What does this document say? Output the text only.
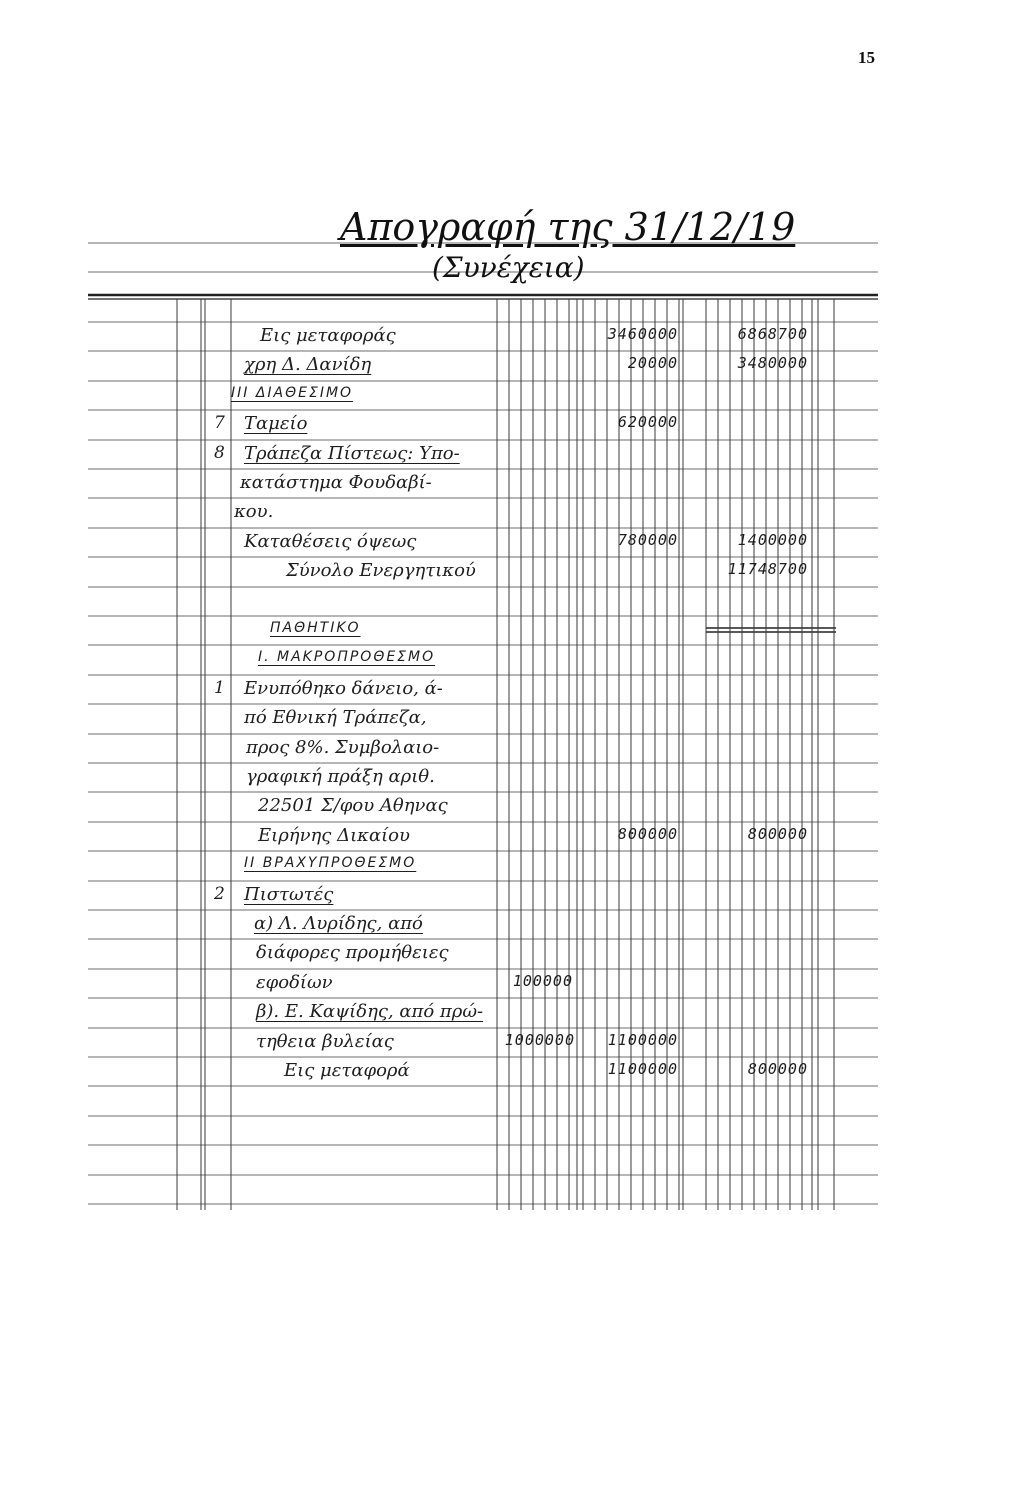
15
Απογραφή της 31/12/19
(Συνέχεια)
Εις μεταφοράς	3460000	6868700
χρη Δ. Δανίδη	20000	3480000
III ΔΙΑΘΕΣΙΜΟ
7 Ταμείο	620000
8 Τράπεζα Πίστεως: Υπο-
κατάστημα Φουδαβί-
κου.
Καταθέσεις όψεως	780000	1400000
Σύνολο Ενεργητικού	11748700
ΠΑΘΗΤΙΚΟ
I. ΜΑΚΡΟΠΡΟΘΕΣΜΟ
1 Ενυπόθηκο δάνειο, ά-
πό Εθνική Τράπεζα,
προς 8%. Συμβολαιο-
γραφική πράξη αριθ.
22501 Σ/φου Αθηνας
Ειρήνης Δικαίου	800000	800000
II ΒΡΑΧΥΠΡΟΘΕΣΜΟ
2 Πιστωτές
α) Λ. Λυρίδης, από
διάφορες προμήθειες
εφοδίων	100000
β). Ε. Καψίδης, από πρώ-
τηθεια βυλείας	1000000 1100000
Εις μεταφορά	1100000	800000
